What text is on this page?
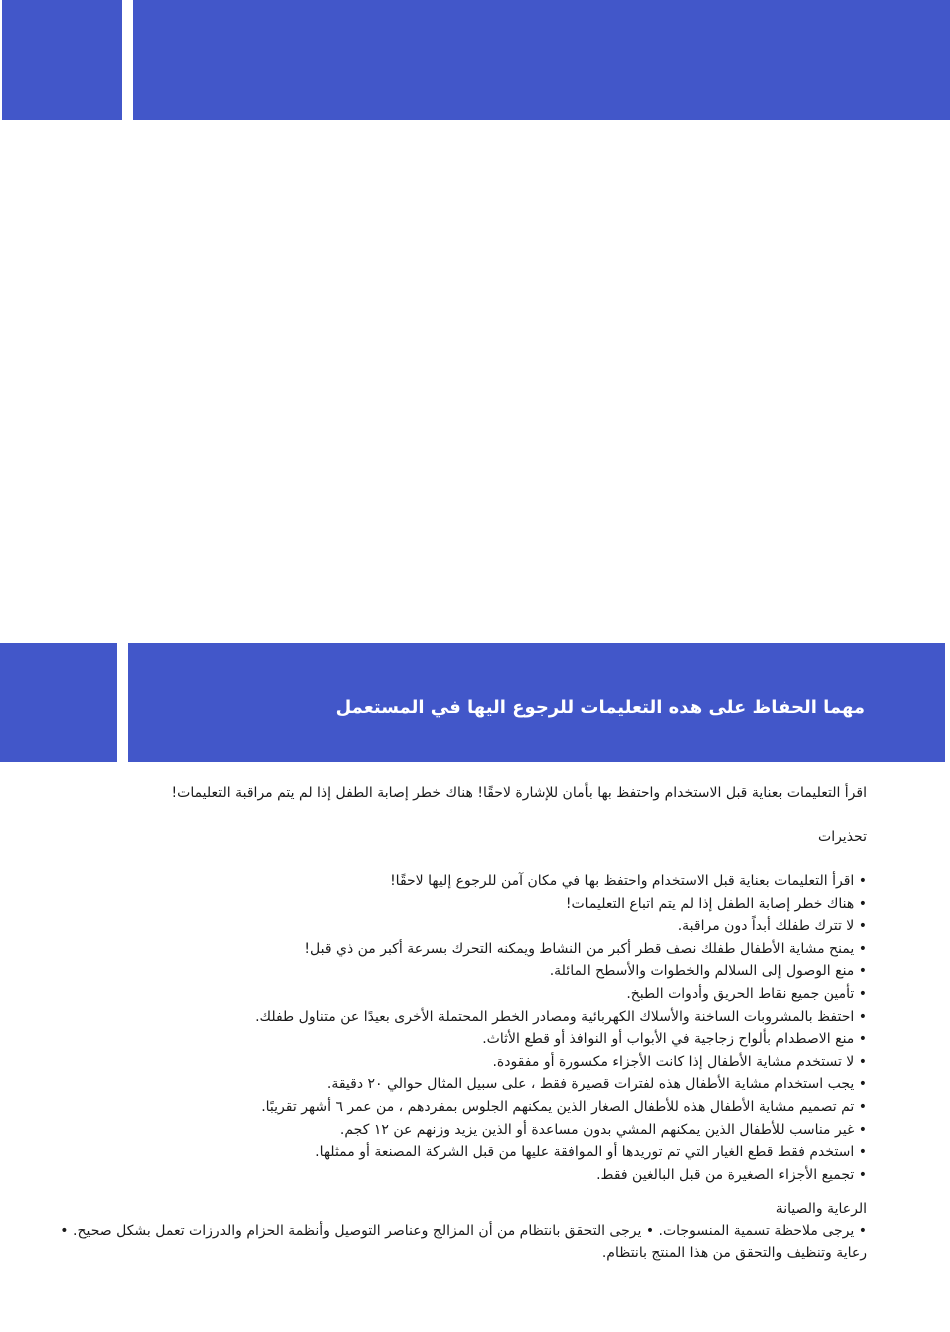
مهما الحفاظ على هده التعليمات للرجوع اليها في المستعمل
اقرأ التعليمات بعناية قبل الاستخدام واحتفظ بها بأمان للإشارة لاحقًا! هناك خطر إصابة الطفل إذا لم يتم مراقبة التعليمات!
تحذيرات
• اقرأ التعليمات بعناية قبل الاستخدام واحتفظ بها في مكان آمن للرجوع إليها لاحقًا!
• هناك خطر إصابة الطفل إذا لم يتم اتباع التعليمات!
• لا تترك طفلك أبداً دون مراقبة.
• يمنح مشاية الأطفال طفلك نصف قطر أكبر من النشاط ويمكنه التحرك بسرعة أكبر من ذي قبل!
• منع الوصول إلى السلالم والخطوات والأسطح المائلة.
• تأمين جميع نقاط الحريق وأدوات الطبخ.
• احتفظ بالمشروبات الساخنة والأسلاك الكهربائية ومصادر الخطر المحتملة الأخرى بعيدًا عن متناول طفلك.
• منع الاصطدام بألواح زجاجية في الأبواب أو النوافذ أو قطع الأثاث.
• لا تستخدم مشاية الأطفال إذا كانت الأجزاء مكسورة أو مفقودة.
• يجب استخدام مشاية الأطفال هذه لفترات قصيرة فقط ، على سبيل المثال حوالي ٢٠ دقيقة.
• تم تصميم مشاية الأطفال هذه للأطفال الصغار الذين يمكنهم الجلوس بمفردهم ، من عمر ٦ أشهر تقريبًا.
• غير مناسب للأطفال الذين يمكنهم المشي بدون مساعدة أو الذين يزيد وزنهم عن ١٢ كجم.
• استخدم فقط قطع الغيار التي تم توريدها أو الموافقة عليها من قبل الشركة المصنعة أو ممثلها.
• تجميع الأجزاء الصغيرة من قبل البالغين فقط.
الرعاية والصيانة
• يرجى ملاحظة تسمية المنسوجات. • يرجى التحقق بانتظام من أن المزالج وعناصر التوصيل وأنظمة الحزام والدرزات تعمل بشكل صحيح. • رعاية وتنظيف والتحقق من هذا المنتج بانتظام.
